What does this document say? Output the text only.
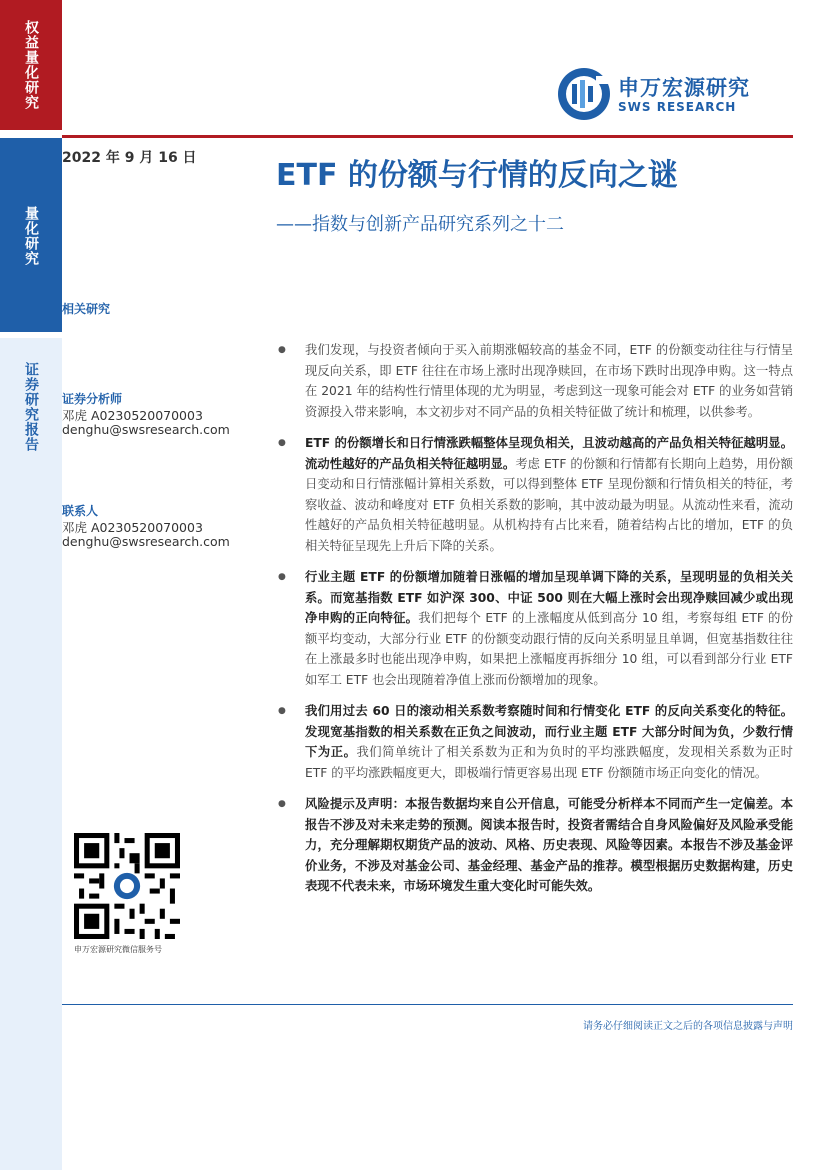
权益量化研究
量化研究
证券研究报告
申万宏源研究
SWS RESEARCH
2022 年 9 月 16 日	ETF 的份额与行情的反向之谜
——指数与创新产品研究系列之十二
相关研究
证券分析师
邓虎 A0230520070003
denghu@swsresearch.com
联系人
邓虎 A0230520070003
denghu@swsresearch.com
申万宏源研究微信服务号
● 我们发现，与投资者倾向于买入前期涨幅较高的基金不同，ETF 的份额变动往往与行情呈现反向关系，即 ETF 往往在市场上涨时出现净赎回，在市场下跌时出现净申购。这一特点在 2021 年的结构性行情里体现的尤为明显，考虑到这一现象可能会对 ETF 的业务如营销资源投入带来影响，本文初步对不同产品的负相关特征做了统计和梳理，以供参考。
● ETF 的份额增长和日行情涨跌幅整体呈现负相关，且波动越高的产品负相关特征越明显。流动性越好的产品负相关特征越明显。考虑 ETF 的份额和行情都有长期向上趋势，用份额日变动和日行情涨幅计算相关系数，可以得到整体 ETF 呈现份额和行情负相关的特征，考察收益、波动和峰度对 ETF 负相关系数的影响，其中波动最为明显。从流动性来看，流动性越好的产品负相关特征越明显。从机构持有占比来看，随着结构占比的增加，ETF 的负相关特征呈现先上升后下降的关系。
● 行业主题 ETF 的份额增加随着日涨幅的增加呈现单调下降的关系，呈现明显的负相关关系。而宽基指数 ETF 如沪深 300、中证 500 则在大幅上涨时会出现净赎回减少或出现净申购的正向特征。我们把每个 ETF 的上涨幅度从低到高分 10 组，考察每组 ETF 的份额平均变动，大部分行业 ETF 的份额变动跟行情的反向关系明显且单调，但宽基指数往往在上涨最多时也能出现净申购，如果把上涨幅度再拆细分 10 组，可以看到部分行业 ETF 如军工 ETF 也会出现随着净值上涨而份额增加的现象。
● 我们用过去 60 日的滚动相关系数考察随时间和行情变化 ETF 的反向关系变化的特征。发现宽基指数的相关系数在正负之间波动，而行业主题 ETF 大部分时间为负，少数行情下为正。我们简单统计了相关系数为正和为负时的平均涨跌幅度，发现相关系数为正时 ETF 的平均涨跌幅度更大，即极端行情更容易出现 ETF 份额随市场正向变化的情况。
● 风险提示及声明：本报告数据均来自公开信息，可能受分析样本不同而产生一定偏差。本报告不涉及对未来走势的预测。阅读本报告时，投资者需结合自身风险偏好及风险承受能力，充分理解期权期货产品的波动、风格、历史表现、风险等因素。本报告不涉及基金评价业务，不涉及对基金公司、基金经理、基金产品的推荐。模型根据历史数据构建，历史表现不代表未来，市场环境发生重大变化时可能失效。
请务必仔细阅读正文之后的各项信息披露与声明
